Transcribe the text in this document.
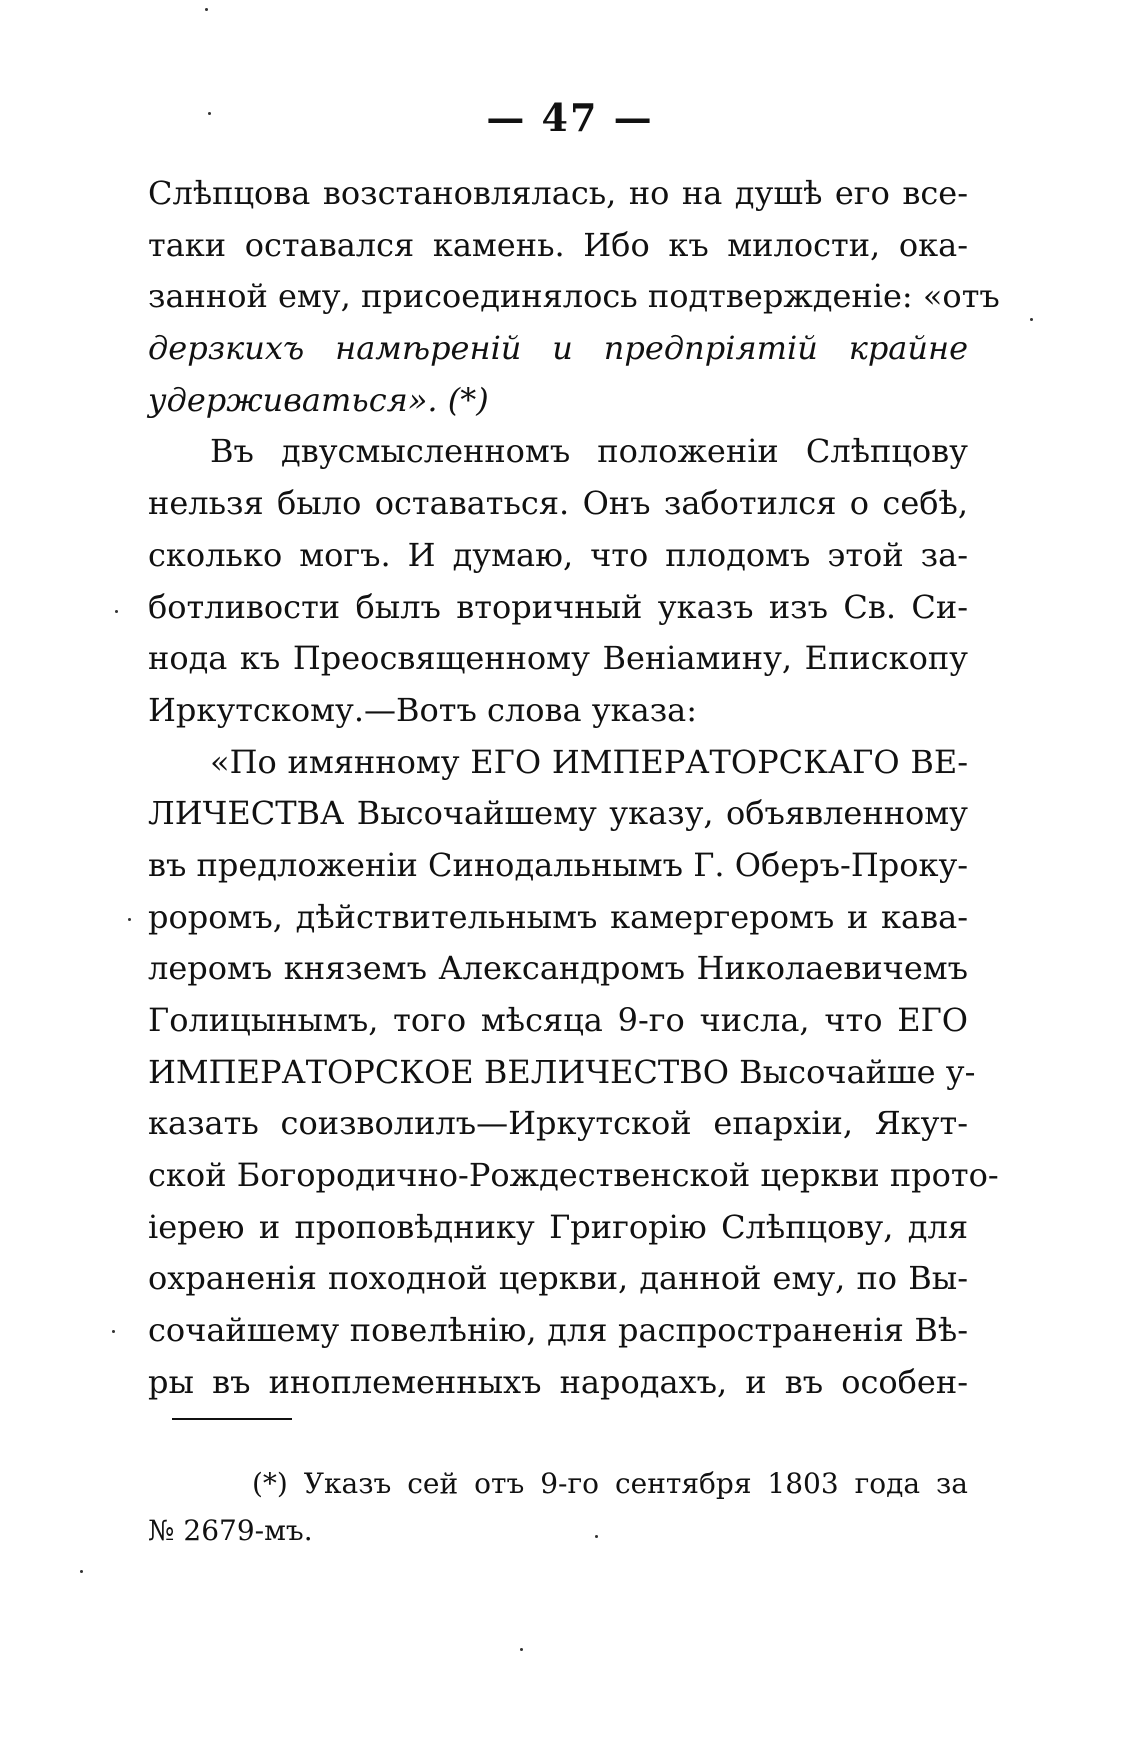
— 47 —
Слѣпцова возстановлялась, но на душѣ его все-
таки оставался камень. Ибо къ милости, ока-
занной ему, присоединялось подтвержденіе: «отъ
дерзкихъ намѣреній и предпріятій крайне
удерживаться». (*)
Въ двусмысленномъ положеніи Слѣпцову
нельзя было оставаться. Онъ заботился о себѣ,
сколько могъ. И думаю, что плодомъ этой за-
ботливости былъ вторичный указъ изъ Св. Си-
нода къ Преосвященному Веніамину, Епископу
Иркутскому.—Вотъ слова указа:
«По имянному ЕГО ИМПЕРАТОРСКАГО ВЕ-
ЛИЧЕСТВА Высочайшему указу, объявленному
въ предложеніи Синодальнымъ Г. Оберъ-Проку-
роромъ, дѣйствительнымъ камергеромъ и кава-
леромъ княземъ Александромъ Николаевичемъ
Голицынымъ, того мѣсяца 9-го числа, что ЕГО
ИМПЕРАТОРСКОЕ ВЕЛИЧЕСТВО Высочайше у-
казать соизволилъ—Иркутской епархіи, Якут-
ской Богородично-Рождественской церкви прото-
іерею и проповѣднику Григорію Слѣпцову, для
охраненія походной церкви, данной ему, по Вы-
сочайшему повелѣнію, для распространенія Вѣ-
ры въ иноплеменныхъ народахъ, и въ особен-
(*) Указъ сей отъ 9-го сентября 1803 года за
№ 2679-мъ.
